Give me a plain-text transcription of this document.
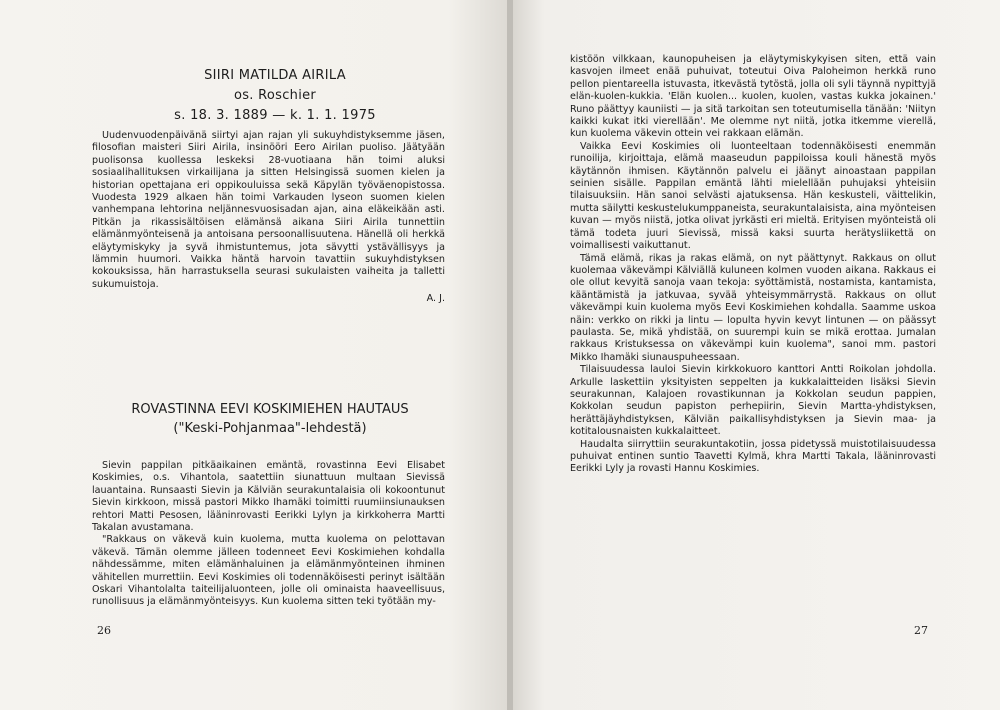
SIIRI MATILDA AIRILA
os. Roschier
s. 18. 3. 1889 — k. 1. 1. 1975

Uudenvuodenpäivänä siirtyi ajan rajan yli sukuyhdistyksemme jäsen, filosofian maisteri Siiri Airila, insinööri Eero Airilan puoliso. Jäätyään puolisonsa kuollessa leskeksi 28-vuotiaana hän toimi aluksi sosiaalihallituksen virkailijana ja sitten Helsingissä suomen kielen ja historian opettajana eri oppikouluissa sekä Käpylän työväenopistossa. Vuodesta 1929 alkaen hän toimi Varkauden lyseon suomen kielen vanhempana lehtorina neljännesvuosisadan ajan, aina eläkeikään asti. Pitkän ja rikassisältöisen elämänsä aikana Siiri Airila tunnettiin elämänmyönteisenä ja antoisana persoonallisuutena. Hänellä oli herkkä eläytymiskyky ja syvä ihmistuntemus, jota sävytti ystävällisyys ja lämmin huumori. Vaikka häntä harvoin tavattiin sukuyhdistyksen kokouksissa, hän harrastuksella seurasi sukulaisten vaiheita ja talletti sukumuistoja.

A. J.
ROVASTINNA EEVI KOSKIMIEHEN HAUTAUS
("Keski-Pohjanmaa"-lehdestä)

Sievin pappilan pitkäaikainen emäntä, rovastinna Eevi Elisabet Koskimies, o.s. Vihantola, saatettiin siunattuun multaan Sievissä lauantaina. Runsaasti Sievin ja Kälviän seurakuntalaisia oli kokoontunut Sievin kirkkoon, missä pastori Mikko Ihamäki toimitti ruumiinsiunauksen rehtori Matti Pesosen, lääninrovasti Eerikki Lylyn ja kirkkoherra Martti Takalan avustamana.

"Rakkaus on väkevä kuin kuolema, mutta kuolema on pelottavan väkevä. Tämän olemme jälleen todenneet Eevi Koskimiehen kohdalla nähdessämme, miten elämänhaluinen ja elämänmyönteinen ihminen vähitellen murrettiin. Eevi Koskimies oli todennäköisesti perinyt isältään Oskari Vihantolalta taiteilijaluonteen, jolle oli ominaista haaveellisuus, runollisuus ja elämänmyönteisyys. Kun kuolema sitten teki työtään my-

26

kistöön vilkkaan, kaunopuheisen ja eläytymiskykyisen siten, että vain kasvojen ilmeet enää puhuivat, toteutui Oiva Paloheimon herkkä runo pellon pientareella istuvasta, itkevästä tytöstä, jolla oli syli täynnä nypittyjä elän-kuolen-kukkia. 'Elän kuolen... kuolen, kuolen, vastas kukka jokainen.' Runo päättyy kauniisti — ja sitä tarkoitan sen toteutumisella tänään: 'Niityn kaikki kukat itki vierellään'. Me olemme nyt niitä, jotka itkemme vierellä, kun kuolema väkevin ottein vei rakkaan elämän.

Vaikka Eevi Koskimies oli luonteeltaan todennäköisesti enemmän runoilija, kirjoittaja, elämä maaseudun pappiloissa kouli hänestä myös käytännön ihmisen. Käytännön palvelu ei jäänyt ainoastaan pappilan seinien sisälle. Pappilan emäntä lähti mielellään puhujaksi yhteisiin tilaisuuksiin. Hän sanoi selvästi ajatuksensa. Hän keskusteli, väittelikin, mutta säilytti keskustelukumppaneista, seurakuntalaisista, aina myönteisen kuvan — myös niistä, jotka olivat jyrkästi eri mieltä. Erityisen myönteistä oli tämä todeta juuri Sievissä, missä kaksi suurta herätysliikettä on voimallisesti vaikuttanut.

Tämä elämä, rikas ja rakas elämä, on nyt päättynyt. Rakkaus on ollut kuolemaa väkevämpi Kälviällä kuluneen kolmen vuoden aikana. Rakkaus ei ole ollut kevyitä sanoja vaan tekoja: syöttämistä, nostamista, kantamista, kääntämistä ja jatkuvaa, syvää yhteisymmärrystä. Rakkaus on ollut väkevämpi kuin kuolema myös Eevi Koskimiehen kohdalla. Saamme uskoa näin: verkko on rikki ja lintu — lopulta hyvin kevyt lintunen — on päässyt paulasta. Se, mikä yhdistää, on suurempi kuin se mikä erottaa. Jumalan rakkaus Kristuksessa on väkevämpi kuin kuolema", sanoi mm. pastori Mikko Ihamäki siunauspuheessaan.

Tilaisuudessa lauloi Sievin kirkkokuoro kanttori Antti Roikolan johdolla. Arkulle laskettiin yksityisten seppelten ja kukkalaitteiden lisäksi Sievin seurakunnan, Kalajoen rovastikunnan ja Kokkolan seudun pappien, Kokkolan seudun papiston perhepiirin, Sievin Martta-yhdistyksen, herättäjäyhdistyksen, Kälviän paikallisyhdistyksen ja Sievin maa- ja kotitalousnaisten kukkalaitteet.

Haudalta siirryttiin seurakuntakotiin, jossa pidetyssä muistotilaisuudessa puhuivat entinen suntio Taavetti Kylmä, khra Martti Takala, lääninrovasti Eerikki Lyly ja rovasti Hannu Koskimies.

27
